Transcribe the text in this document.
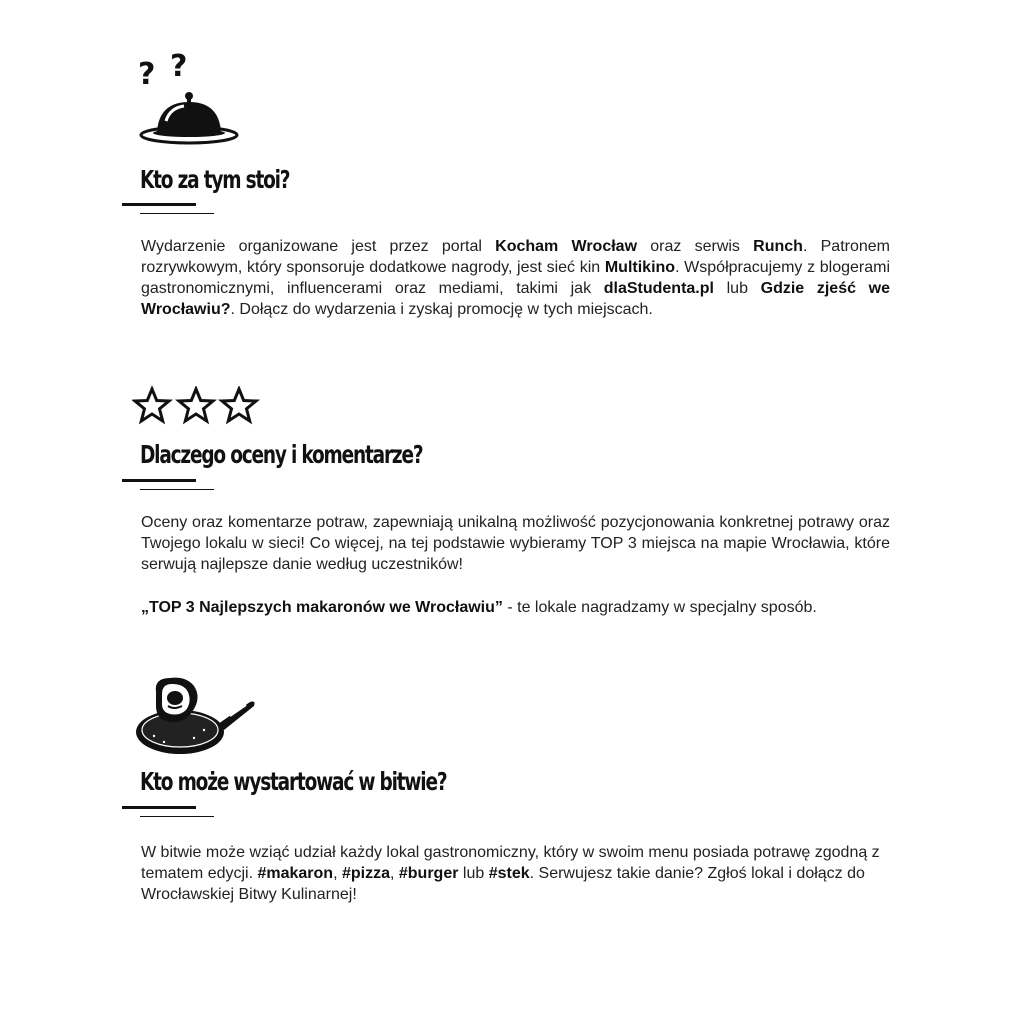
? ?
Kto za tym stoi?

Wydarzenie organizowane jest przez portal Kocham Wrocław oraz serwis Runch. Patronem rozrywkowym, który sponsoruje dodatkowe nagrody, jest sieć kin Multikino. Współpracujemy z blogerami gastronomicznymi, influencerami oraz mediami, takimi jak dlaStudenta.pl lub Gdzie zjeść we Wrocławiu?. Dołącz do wydarzenia i zyskaj promocję w tych miejscach.

Dlaczego oceny i komentarze?

Oceny oraz komentarze potraw, zapewniają unikalną możliwość pozycjonowania konkretnej potrawy oraz Twojego lokalu w sieci! Co więcej, na tej podstawie wybieramy TOP 3 miejsca na mapie Wrocławia, które serwują najlepsze danie według uczestników!

„TOP 3 Najlepszych makaronów we Wrocławiu” - te lokale nagradzamy w specjalny sposób.

Kto może wystartować w bitwie?

W bitwie może wziąć udział każdy lokal gastronomiczny, który w swoim menu posiada potrawę zgodną z tematem edycji. #makaron, #pizza, #burger lub #stek. Serwujesz takie danie? Zgłoś lokal i dołącz do Wrocławskiej Bitwy Kulinarnej!
